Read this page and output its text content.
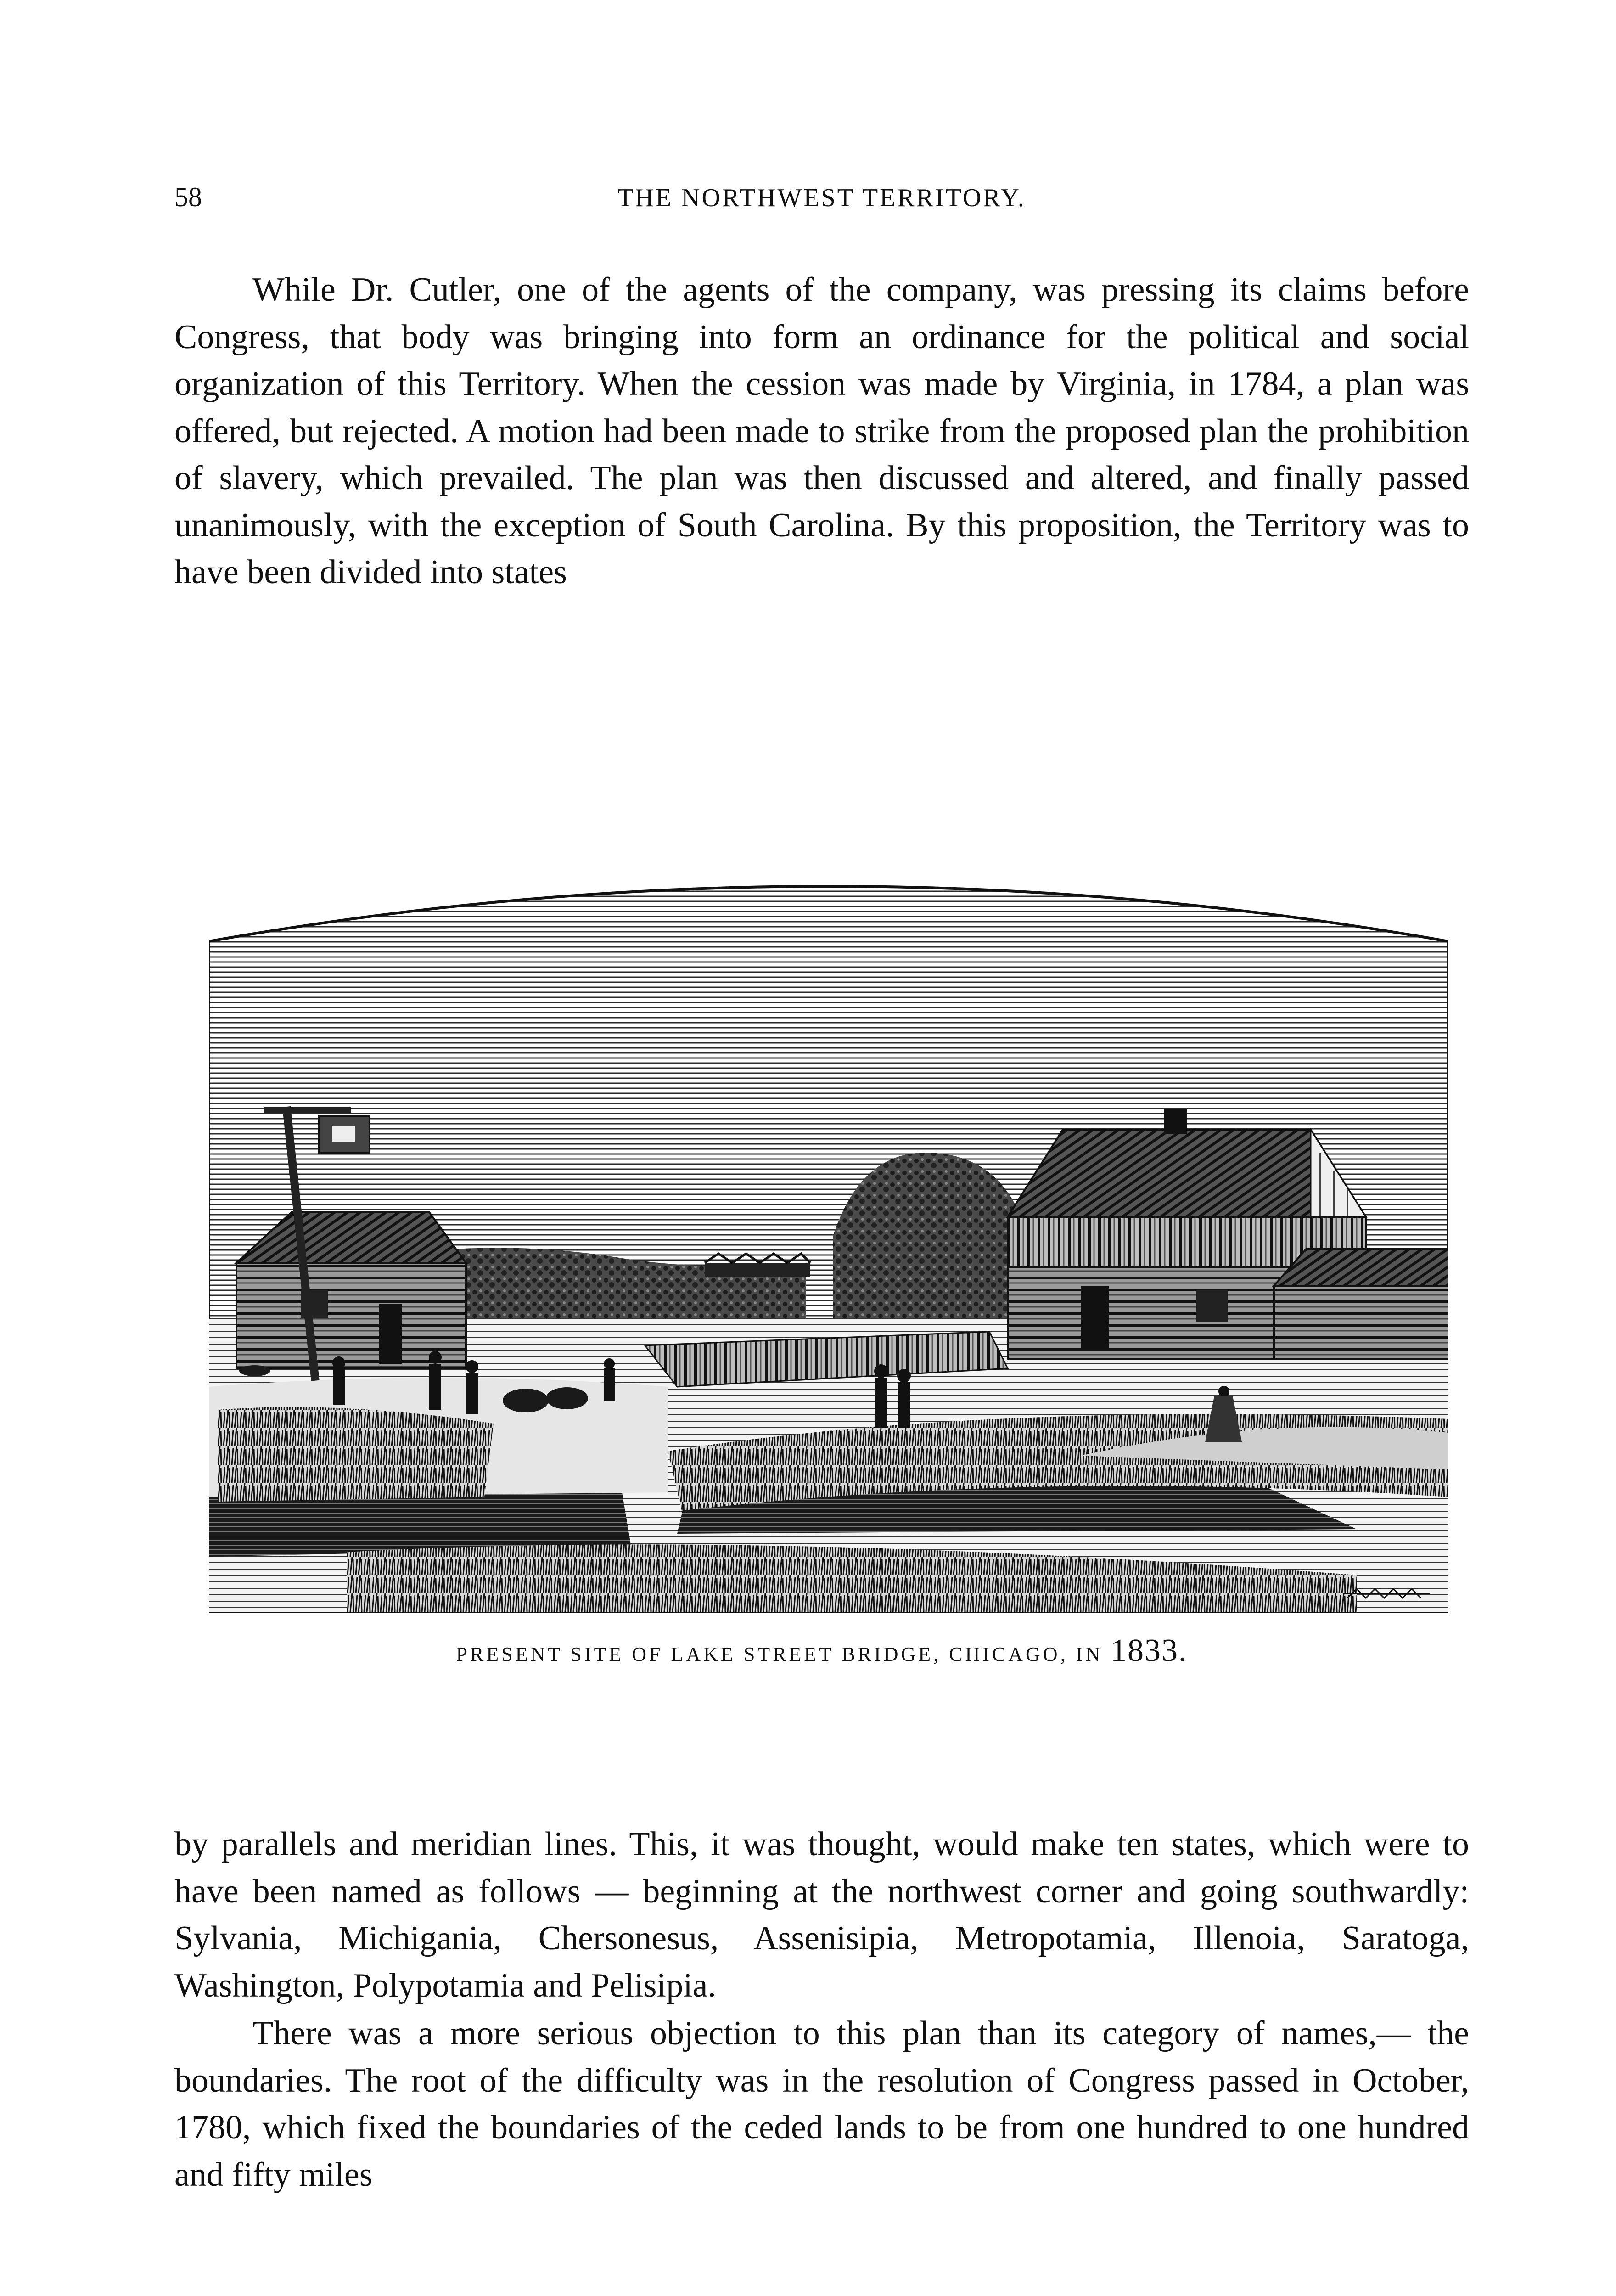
58	THE NORTHWEST TERRITORY.

While Dr. Cutler, one of the agents of the company, was pressing its claims before Congress, that body was bringing into form an ordinance for the political and social organization of this Territory. When the cession was made by Virginia, in 1784, a plan was offered, but rejected. A motion had been made to strike from the proposed plan the prohibition of slavery, which prevailed. The plan was then discussed and altered, and finally passed unanimously, with the exception of South Carolina. By this proposition, the Territory was to have been divided into states

PRESENT SITE OF LAKE STREET BRIDGE, CHICAGO, IN 1833.

by parallels and meridian lines. This, it was thought, would make ten states, which were to have been named as follows — beginning at the northwest corner and going southwardly: Sylvania, Michigania, Chersonesus, Assenisipia, Metropotamia, Illenoia, Saratoga, Washington, Polypotamia and Pelisipia.

There was a more serious objection to this plan than its category of names,— the boundaries. The root of the difficulty was in the resolution of Congress passed in October, 1780, which fixed the boundaries of the ceded lands to be from one hundred to one hundred and fifty miles
